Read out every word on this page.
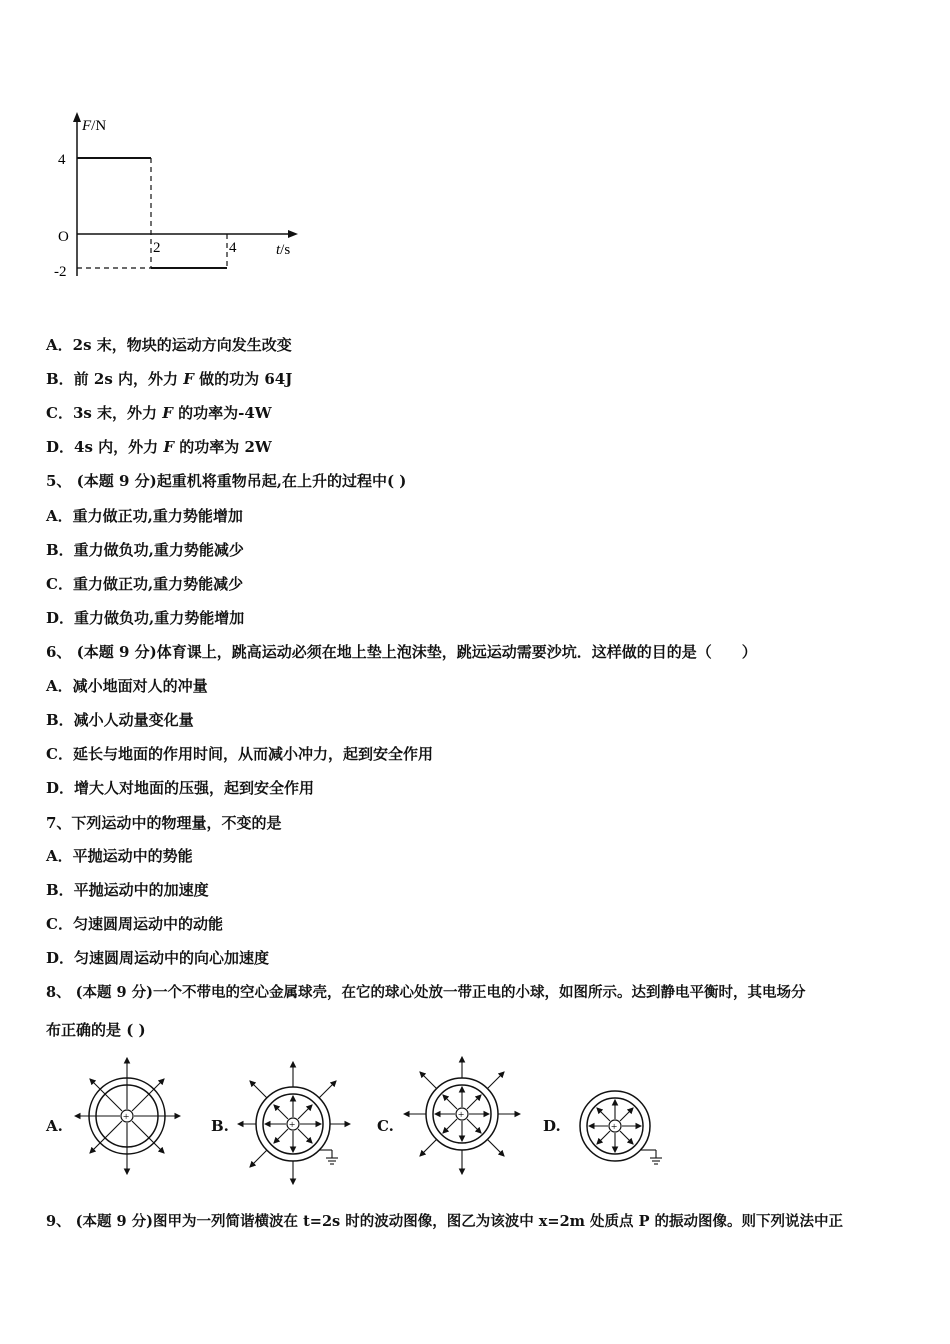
F/N
4
O
-2
2	4	t/s
A．2s 末，物块的运动方向发生改变
B．前 2s 内，外力 F 做的功为 64J
C．3s 末，外力 F 的功率为-4W
D．4s 内，外力 F 的功率为 2W
5、 (本题 9 分)起重机将重物吊起,在上升的过程中( )
A．重力做正功,重力势能增加
B．重力做负功,重力势能减少
C．重力做正功,重力势能减少
D．重力做负功,重力势能增加
6、 (本题 9 分)体育课上，跳高运动必须在地上垫上泡沫垫，跳远运动需要沙坑．这样做的目的是（　　）
A．减小地面对人的冲量
B．减小人动量变化量
C．延长与地面的作用时间，从而减小冲力，起到安全作用
D．增大人对地面的压强，起到安全作用
7、下列运动中的物理量，不变的是
A．平抛运动中的势能
B．平抛运动中的加速度
C．匀速圆周运动中的动能
D．匀速圆周运动中的向心加速度
8、 (本题 9 分)一个不带电的空心金属球壳，在它的球心处放一带正电的小球，如图所示。达到静电平衡时，其电场分
布正确的是 ( )
A.	+	B.	+	C.
+
D.	+
9、 (本题 9 分)图甲为一列简谐横波在 t=2s 时的波动图像，图乙为该波中 x=2m 处质点 P 的振动图像。则下列说法中正
